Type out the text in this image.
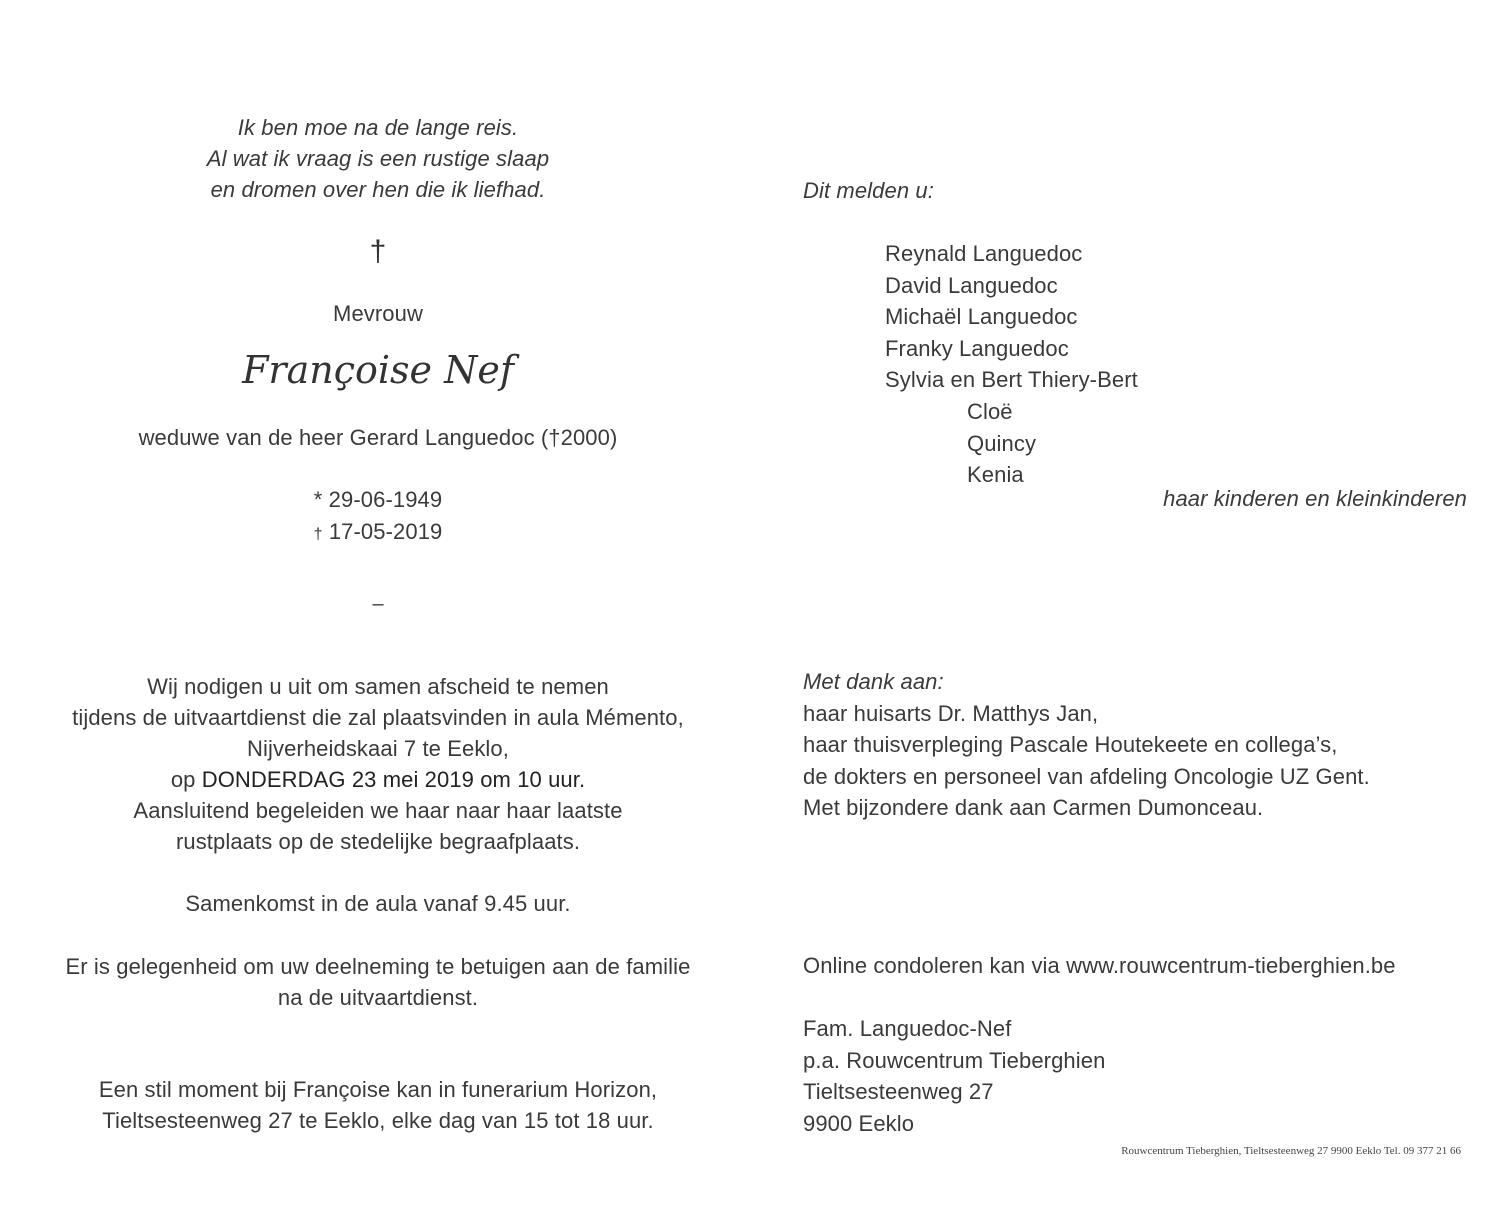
Ik ben moe na de lange reis.
Al wat ik vraag is een rustige slaap
en dromen over hen die ik liefhad.
†
Mevrouw
Françoise Nef
weduwe van de heer Gerard Languedoc (†2000)
* 29-06-1949
† 17-05-2019
–
Wij nodigen u uit om samen afscheid te nemen
tijdens de uitvaartdienst die zal plaatsvinden in aula Mémento,
Nijverheidskaai 7 te Eeklo,
op DONDERDAG 23 mei 2019 om 10 uur.
Aansluitend begeleiden we haar naar haar laatste
rustplaats op de stedelijke begraafplaats.
Samenkomst in de aula vanaf 9.45 uur.
Er is gelegenheid om uw deelneming te betuigen aan de familie
na de uitvaartdienst.
Een stil moment bij Françoise kan in funerarium Horizon,
Tieltsesteenweg 27 te Eeklo, elke dag van 15 tot 18 uur.
Dit melden u:
Reynald Languedoc
David Languedoc
Michaël Languedoc
Franky Languedoc
Sylvia en Bert Thiery-Bert
Cloë
Quincy
Kenia
haar kinderen en kleinkinderen
Met dank aan:
haar huisarts Dr. Matthys Jan,
haar thuisverpleging Pascale Houtekeete en collega’s,
de dokters en personeel van afdeling Oncologie UZ Gent.
Met bijzondere dank aan Carmen Dumonceau.
Online condoleren kan via www.rouwcentrum-tieberghien.be
Fam. Languedoc-Nef
p.a. Rouwcentrum Tieberghien
Tieltsesteenweg 27
9900 Eeklo
Rouwcentrum Tieberghien, Tieltsesteenweg 27 9900 Eeklo Tel. 09 377 21 66
